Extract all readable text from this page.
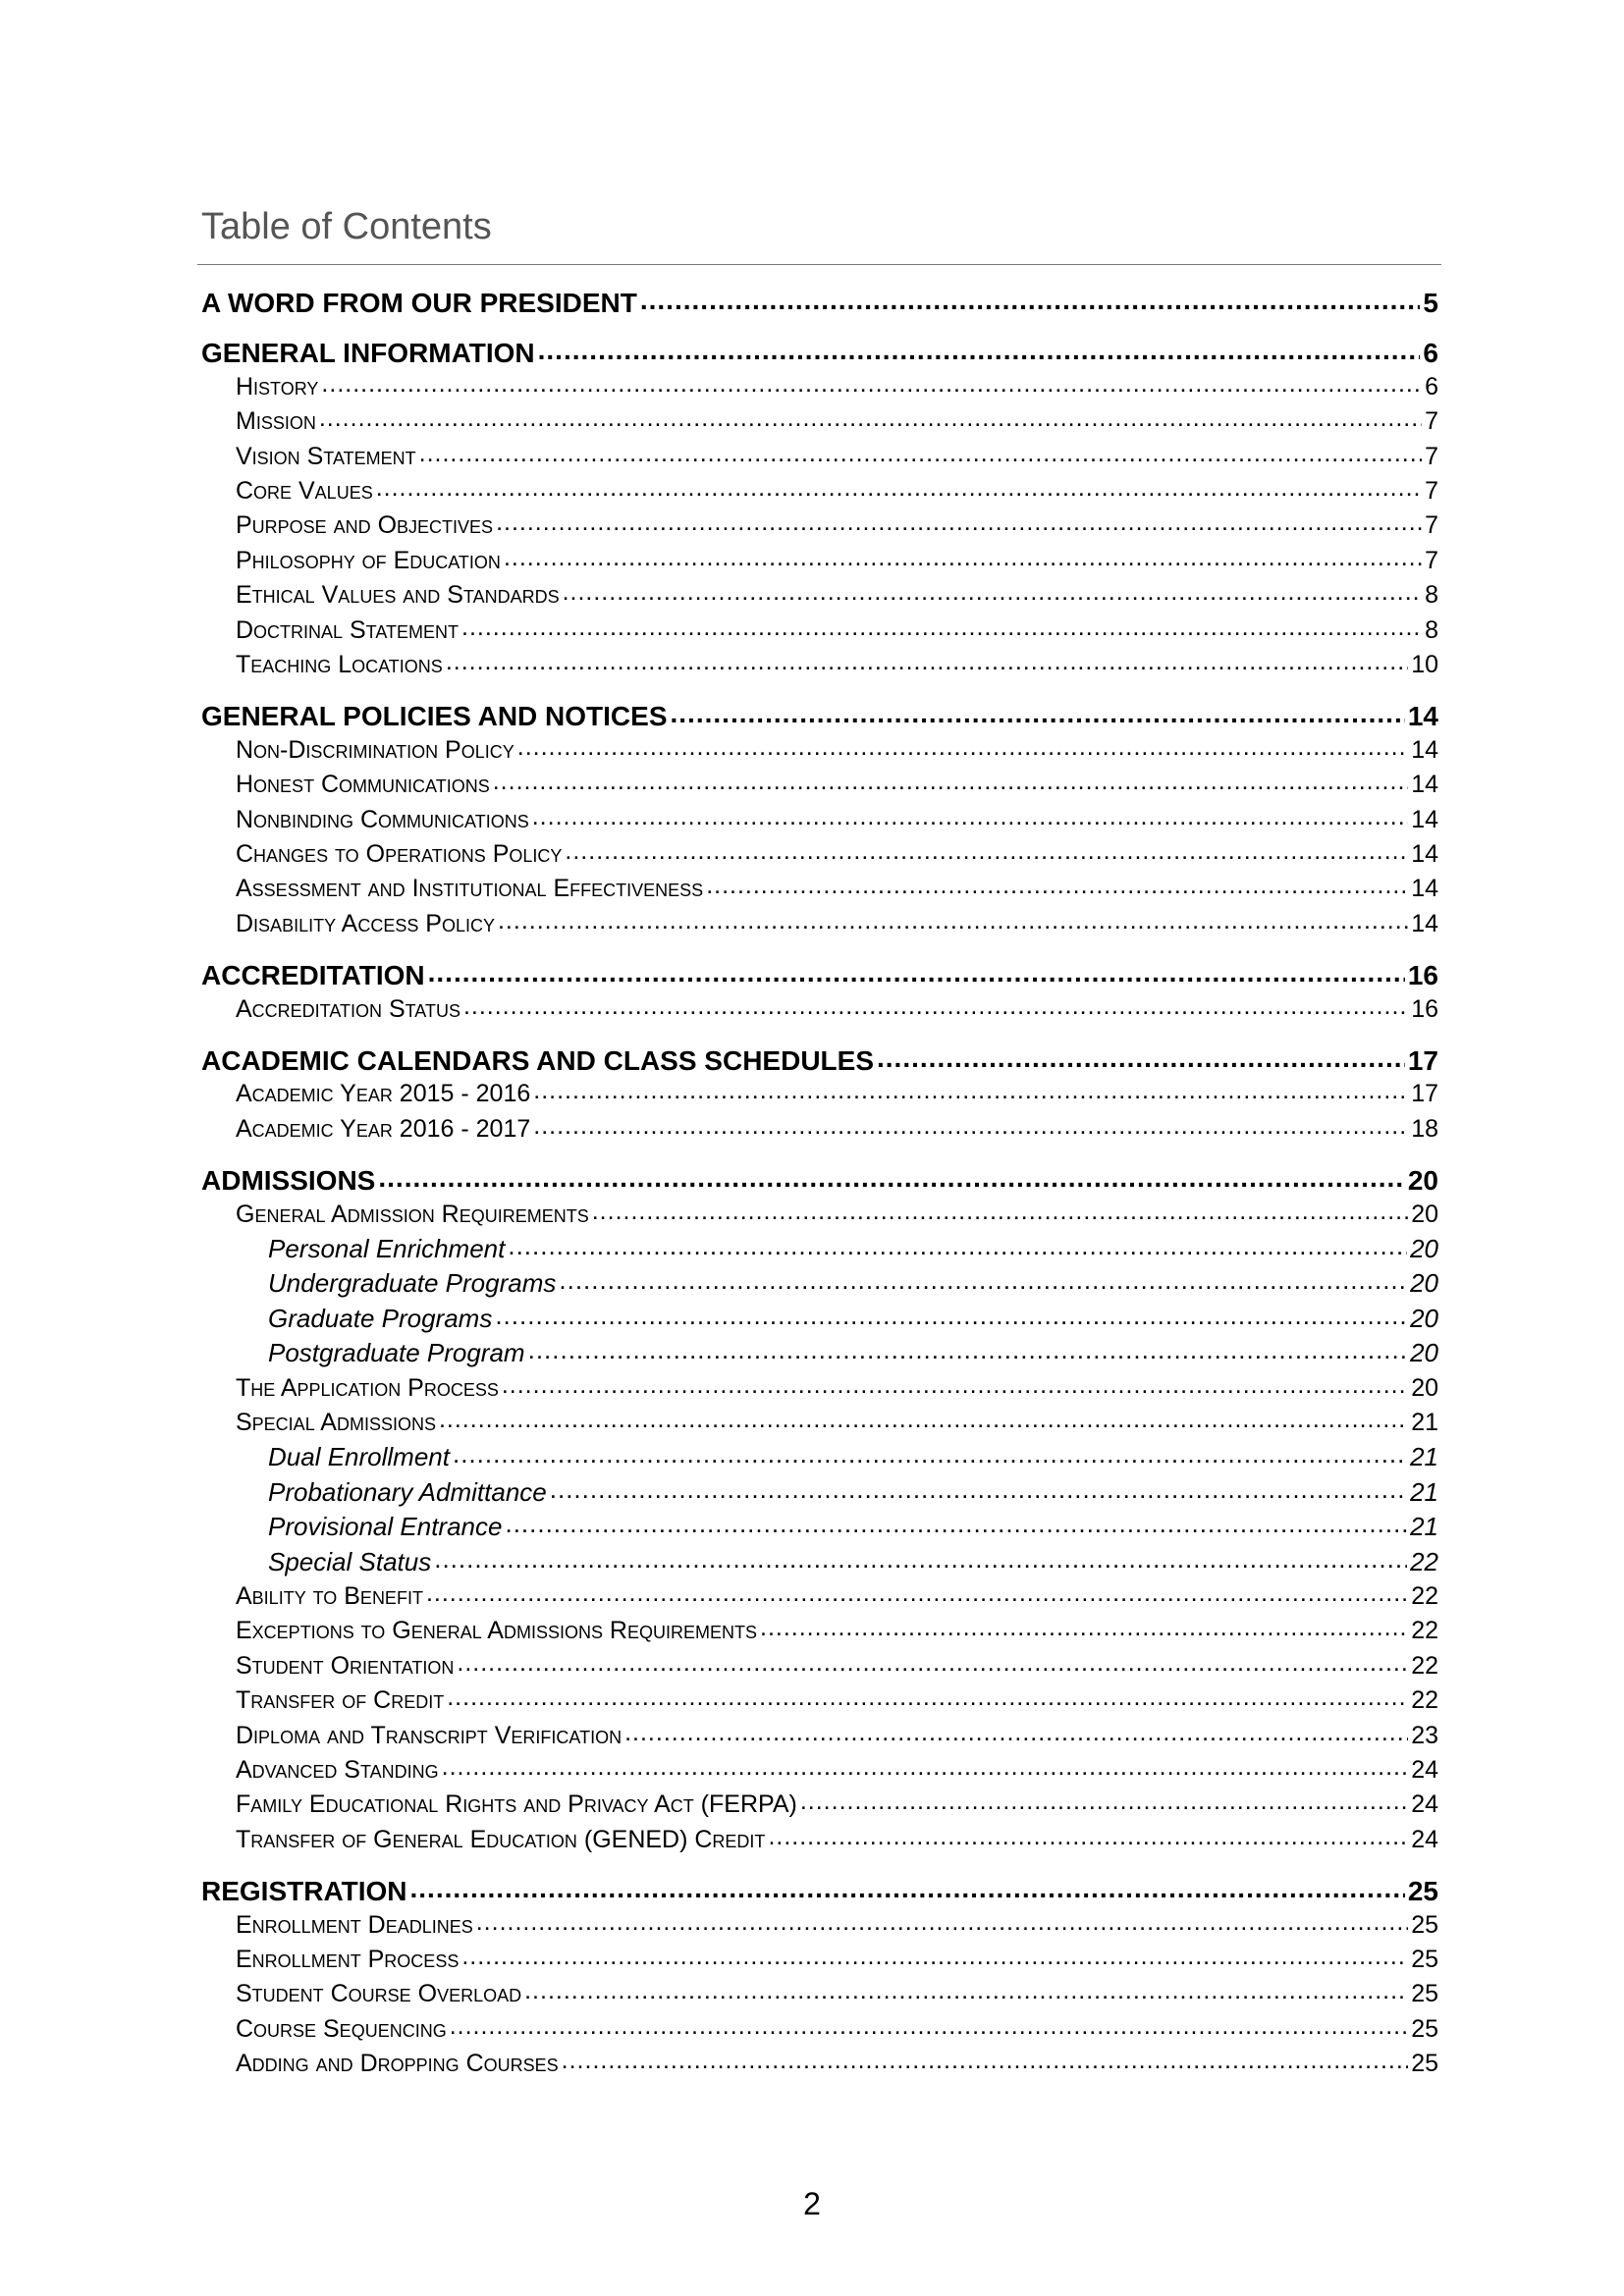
Table of Contents
A WORD FROM OUR PRESIDENT .....	5
GENERAL INFORMATION .....	6
History .....	6
Mission .....	7
Vision Statement .....	7
Core Values .....	7
Purpose and Objectives .....	7
Philosophy of Education .....	7
Ethical Values and Standards .....	8
Doctrinal Statement .....	8
Teaching Locations .....	10
GENERAL POLICIES AND NOTICES .....	14
Non-Discrimination Policy .....	14
Honest Communications .....	14
Nonbinding Communications .....	14
Changes to Operations Policy .....	14
Assessment and Institutional Effectiveness .....	14
Disability Access Policy .....	14
ACCREDITATION .....	16
Accreditation Status .....	16
ACADEMIC CALENDARS AND CLASS SCHEDULES .....	17
Academic Year 2015 - 2016 .....	17
Academic Year 2016 - 2017 .....	18
ADMISSIONS .....	20
General Admission Requirements .....	20
Personal Enrichment .....	20
Undergraduate Programs .....	20
Graduate Programs .....	20
Postgraduate Program .....	20
The Application Process .....	20
Special Admissions .....	21
Dual Enrollment .....	21
Probationary Admittance .....	21
Provisional Entrance .....	21
Special Status .....	22
Ability to Benefit .....	22
Exceptions to General Admissions Requirements .....	22
Student Orientation .....	22
Transfer of Credit .....	22
Diploma and Transcript Verification .....	23
Advanced Standing .....	24
Family Educational Rights and Privacy Act (FERPA) .....	24
Transfer of General Education (GENED) Credit .....	24
REGISTRATION .....	25
Enrollment Deadlines .....	25
Enrollment Process .....	25
Student Course Overload .....	25
Course Sequencing .....	25
Adding and Dropping Courses .....	25
2
